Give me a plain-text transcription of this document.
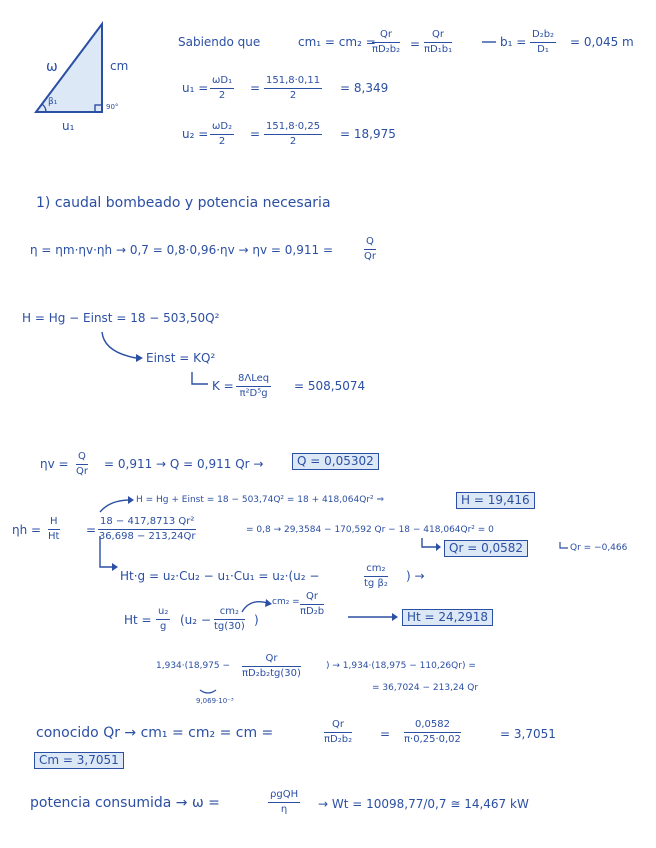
ω	cm
u₁
β₁	90°
Sabiendo que	cm₁ = cm₂ =
$\frac{Qr}{\text{πD₂b₂}} = \frac{Qr}{\text{πD₁b₁}}$	$b_1 = \frac{\text{D₂b₂}}{\text{D₁}} = 0,045$ m
$u_1 = \frac{\text{ωD₁}}{2} = \frac{151,8\cdot 0,11}{2} = 8,349$
$u_2 = \frac{\text{ωD₂}}{2} = \frac{151,8\cdot 0,25}{2} = 18,975$
1) caudal bombeado y potencia necesaria
η = ηm·ηv·ηh → 0,7 = 0,8·0,96·ηv → ηv = 0,911 =	$\frac{Q}{Qr}$
H = Hg − Einst = 18 − 503,50Q²
Einst = KQ²
K =
8ΛLeq
π²D⁵g
= 508,5074
$\eta v = \frac{Q}{Qr} = 0,911 \to Q = 0,911$ Qr →	Q = 0,05302
H = Hg + Einst = 18 − 503,74Q² = 18 + 418,064Qr² ⇒	H = 19,416
$\eta h = \frac{H}{Ht} = \frac{\text{18 − 417,8713 Qr²}}{36,698 - 213,24Qr}$	= 0,8 → 29,3584 − 170,592 Qr − 18 − 418,064Qr² = 0
Qr = 0,0582	Qr = −0,466
Ht·g = u₂·Cu₂ − u₁·Cu₁ = u₂·(u₂ −	$\frac{\text{cm₂}}{\text{tg β₂}}$ ) →
$Ht = \frac{\text{u₂}}{g} (u_2 - \frac{\text{cm₂}}{tg(30)}$ )
$cm_2 = \frac{Qr}{\text{πD₂b}}$	Ht = 24,2918
$1,934\cdot(18,975 - \frac{Qr}{\text{πD₂b₂tg(30)}}$
9,069·10⁻³
) → 1,934·(18,975 − 110,26Qr) =
= 36,7024 − 213,24 Qr
conocido Qr → cm₁ = cm₂ = cm =	$\frac{Qr}{\text{πD₂b₂}} = \frac{0,0582}{\pi\cdot 0,25\cdot 0,02}$	= 3,7051
Cm = 3,7051
potencia consumida → ω =
ρgQH
η	→ Wt = 10098,77/0,7 ≅ 14,467 kW
